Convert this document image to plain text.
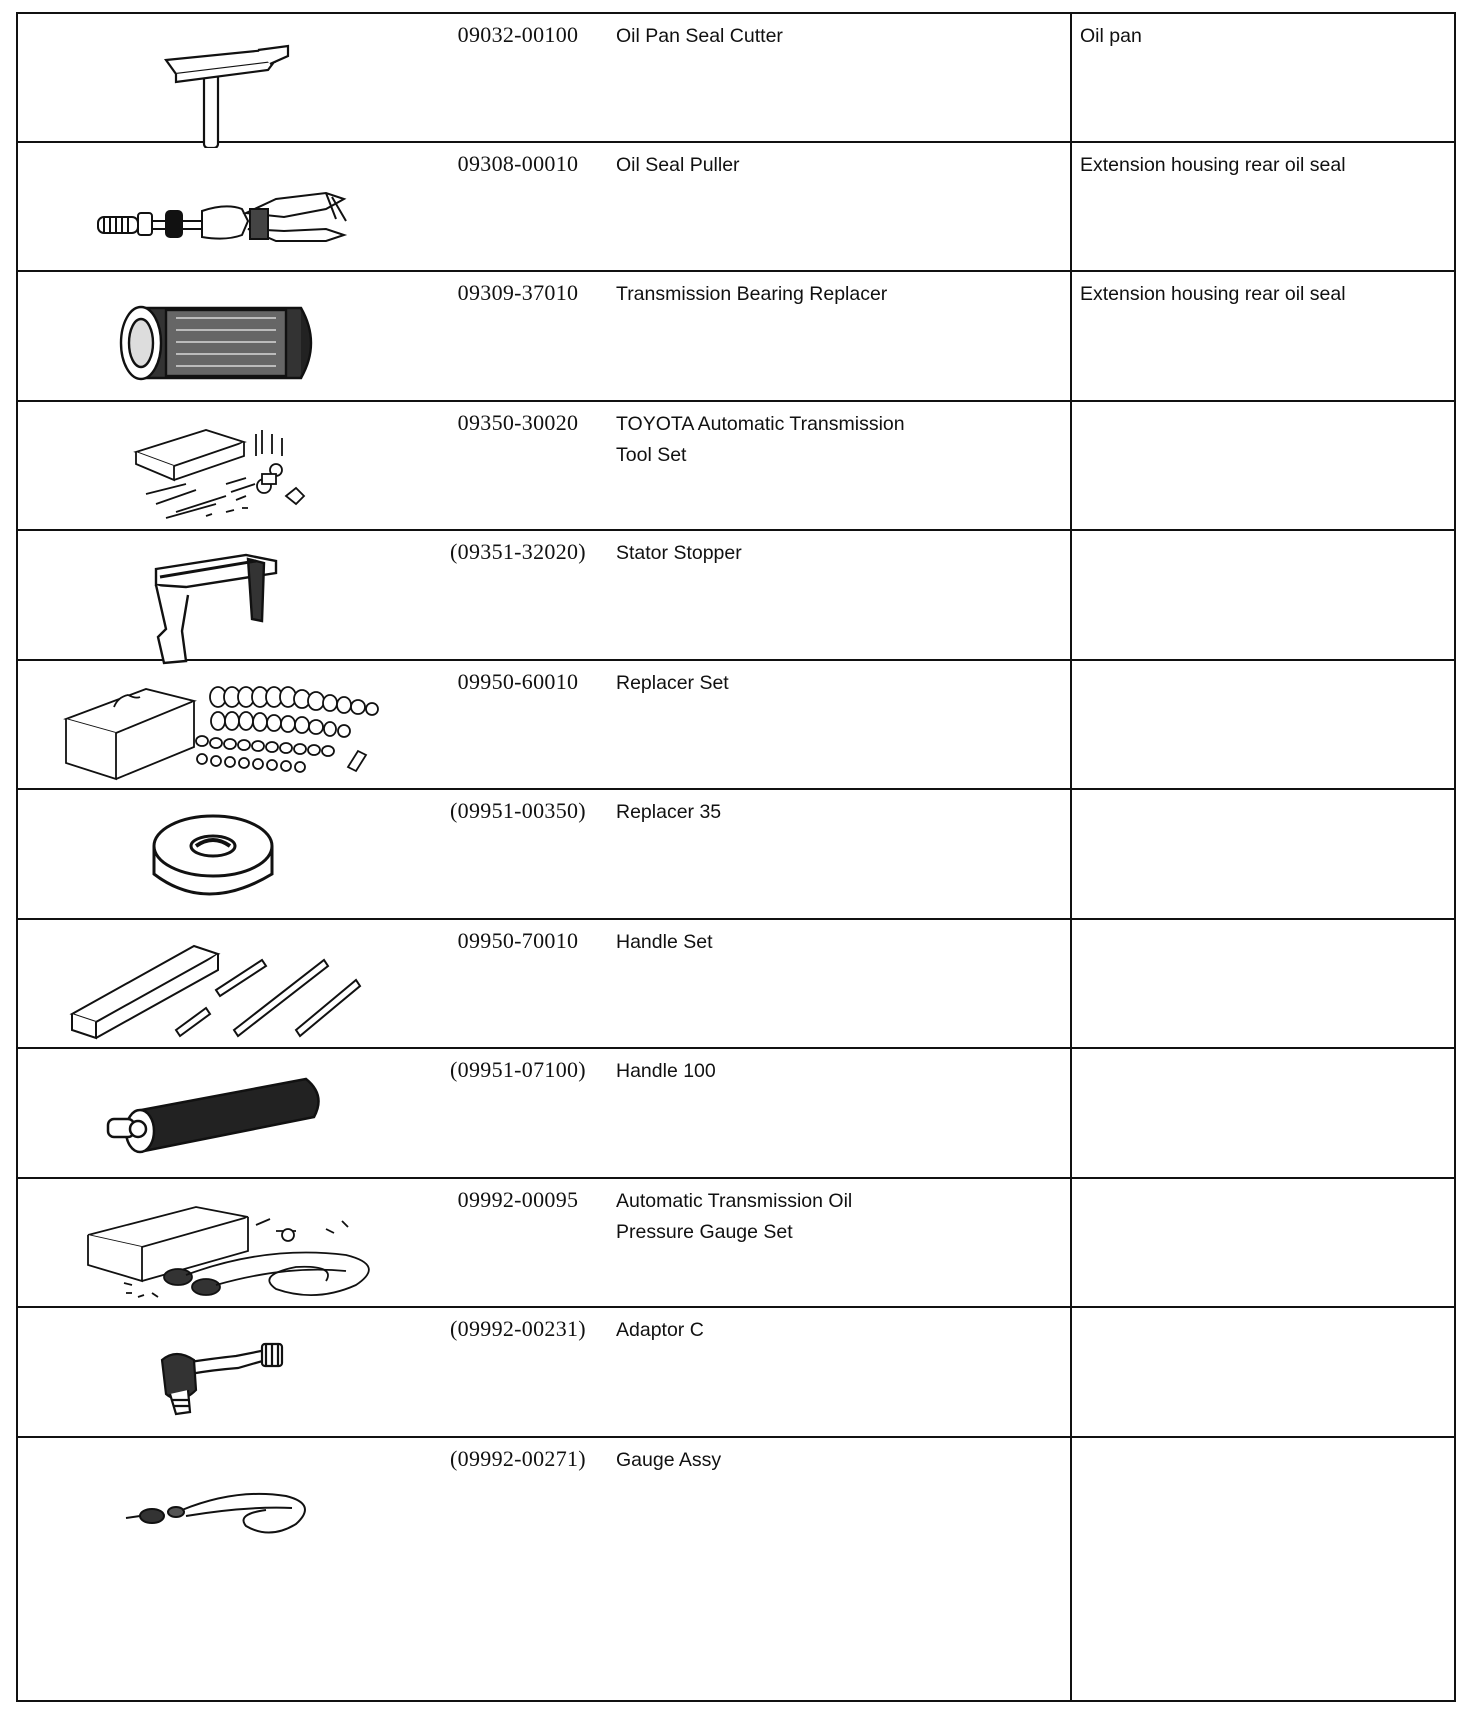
09032-00100	Oil Pan Seal Cutter	Oil pan
09308-00010	Oil Seal Puller	Extension housing rear oil seal
09309-37010	Transmission Bearing Replacer	Extension housing rear oil seal
09350-30020	TOYOTA Automatic Transmission
Tool Set
(09351-32020)	Stator Stopper
09950-60010	Replacer Set
(09951-00350)	Replacer 35
09950-70010	Handle Set
(09951-07100)	Handle 100
09992-00095	Automatic Transmission Oil
Pressure Gauge Set
(09992-00231)	Adaptor C
(09992-00271)	Gauge Assy
